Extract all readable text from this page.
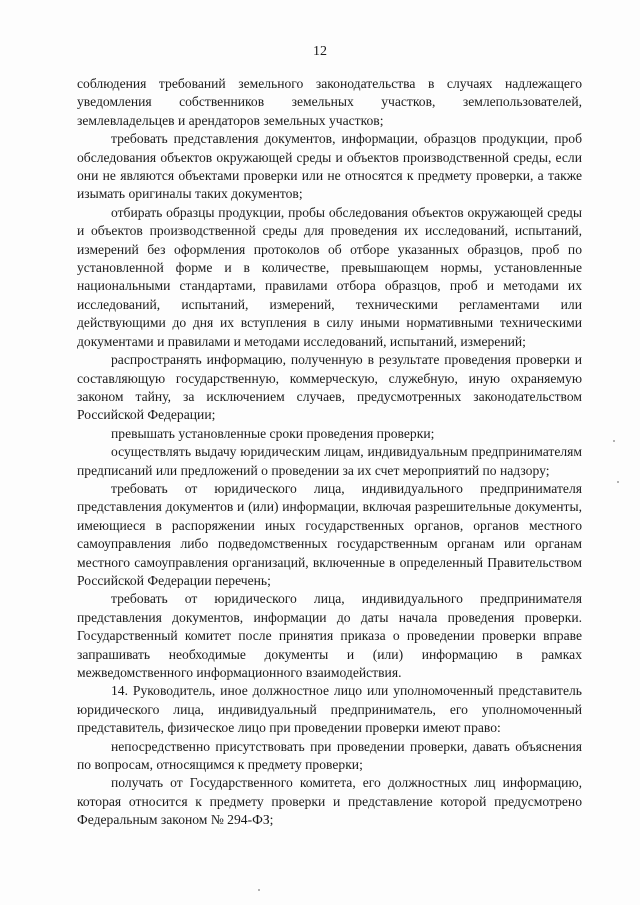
12

соблюдения требований земельного законодательства в случаях надлежащего уведомления собственников земельных участков, землепользователей, землевладельцев и арендаторов земельных участков;

требовать представления документов, информации, образцов продукции, проб обследования объектов окружающей среды и объектов производственной среды, если они не являются объектами проверки или не относятся к предмету проверки, а также изымать оригиналы таких документов;

отбирать образцы продукции, пробы обследования объектов окружающей среды и объектов производственной среды для проведения их исследований, испытаний, измерений без оформления протоколов об отборе указанных образцов, проб по установленной форме и в количестве, превышающем нормы, установленные национальными стандартами, правилами отбора образцов, проб и методами их исследований, испытаний, измерений, техническими регламентами или действующими до дня их вступления в силу иными нормативными техническими документами и правилами и методами исследований, испытаний, измерений;

распространять информацию, полученную в результате проведения проверки и составляющую государственную, коммерческую, служебную, иную охраняемую законом тайну, за исключением случаев, предусмотренных законодательством Российской Федерации;

превышать установленные сроки проведения проверки;

осуществлять выдачу юридическим лицам, индивидуальным предпринимателям предписаний или предложений о проведении за их счет мероприятий по надзору;

требовать от юридического лица, индивидуального предпринимателя представления документов и (или) информации, включая разрешительные документы, имеющиеся в распоряжении иных государственных органов, органов местного самоуправления либо подведомственных государственным органам или органам местного самоуправления организаций, включенные в определенный Правительством Российской Федерации перечень;

требовать от юридического лица, индивидуального предпринимателя представления документов, информации до даты начала проведения проверки. Государственный комитет после принятия приказа о проведении проверки вправе запрашивать необходимые документы и (или) информацию в рамках межведомственного информационного взаимодействия.

14. Руководитель, иное должностное лицо или уполномоченный представитель юридического лица, индивидуальный предприниматель, его уполномоченный представитель, физическое лицо при проведении проверки имеют право:

непосредственно присутствовать при проведении проверки, давать объяснения по вопросам, относящимся к предмету проверки;

получать от Государственного комитета, его должностных лиц информацию, которая относится к предмету проверки и представление которой предусмотрено Федеральным законом № 294-ФЗ;
